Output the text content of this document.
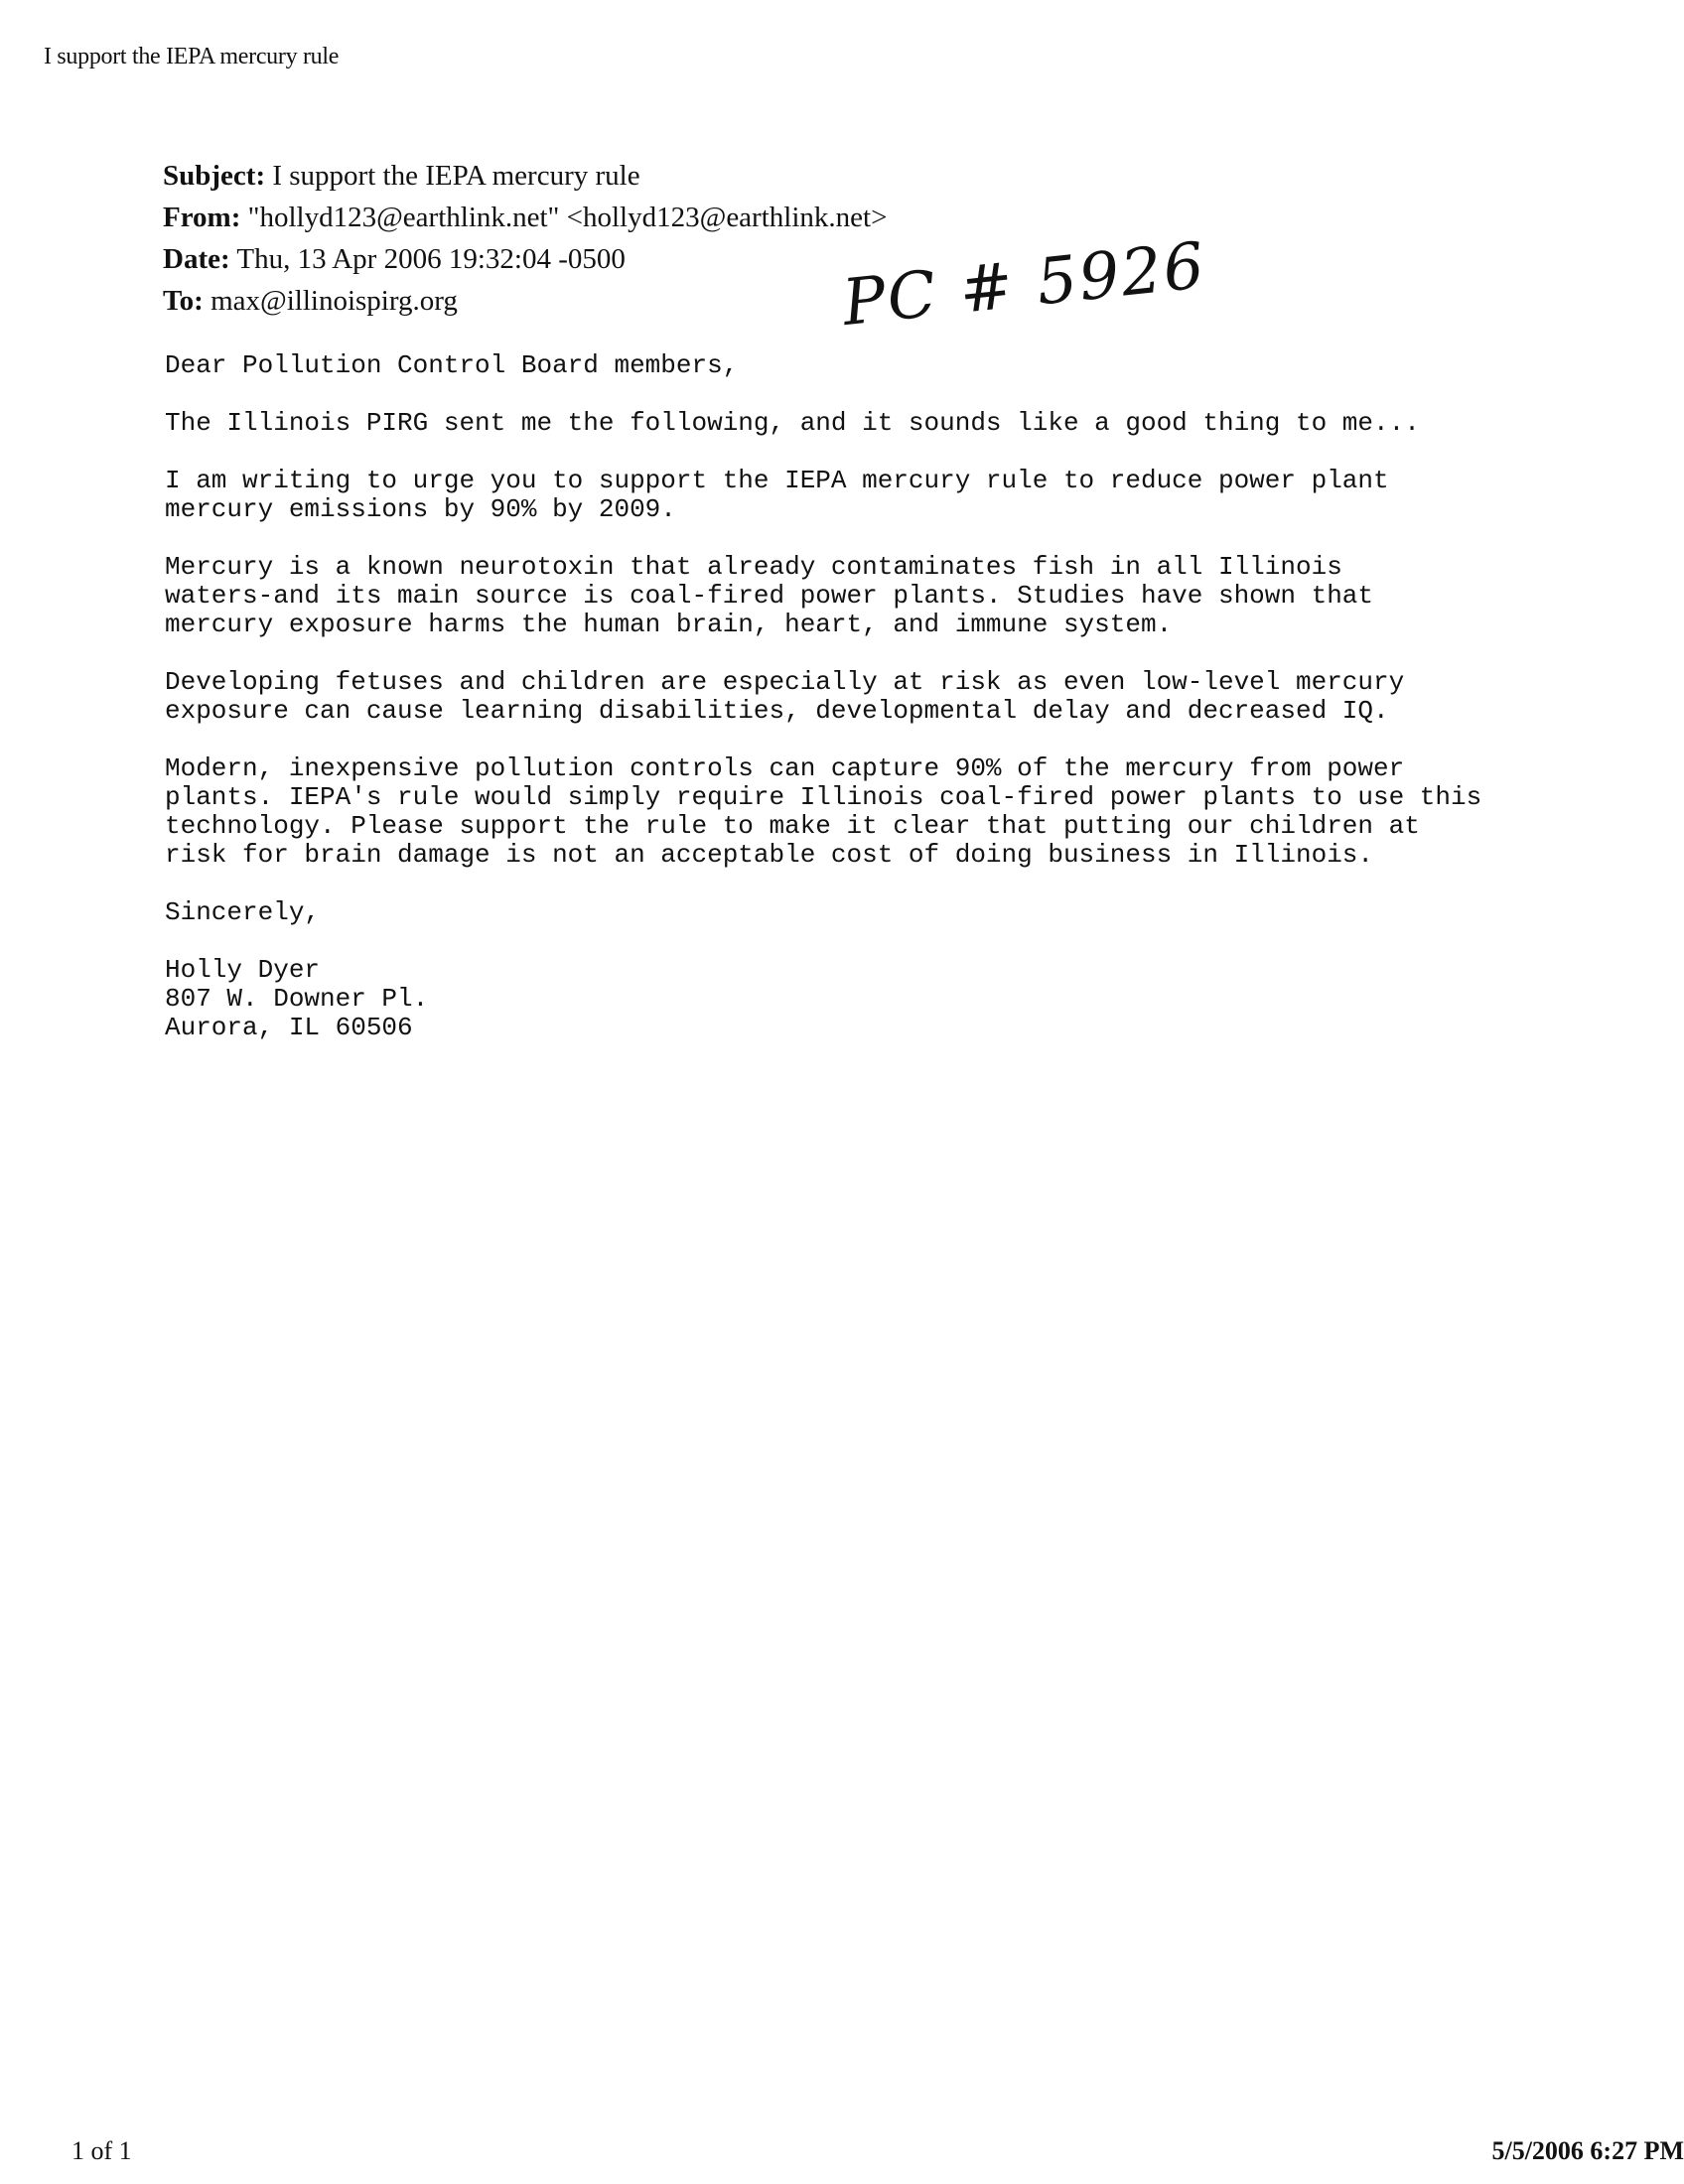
I support the IEPA mercury rule
Subject: I support the IEPA mercury rule
From: "hollyd123@earthlink.net" <hollyd123@earthlink.net>
Date: Thu, 13 Apr 2006 19:32:04 -0500
To: max@illinoispirg.org	PC # 5926

Dear Pollution Control Board members,

The Illinois PIRG sent me the following, and it sounds like a good thing to me...

I am writing to urge you to support the IEPA mercury rule to reduce power plant
mercury emissions by 90% by 2009.

Mercury is a known neurotoxin that already contaminates fish in all Illinois
waters-and its main source is coal-fired power plants. Studies have shown that
mercury exposure harms the human brain, heart, and immune system.

Developing fetuses and children are especially at risk as even low-level mercury
exposure can cause learning disabilities, developmental delay and decreased IQ.

Modern, inexpensive pollution controls can capture 90% of the mercury from power
plants. IEPA's rule would simply require Illinois coal-fired power plants to use this
technology. Please support the rule to make it clear that putting our children at
risk for brain damage is not an acceptable cost of doing business in Illinois.

Sincerely,

Holly Dyer
807 W. Downer Pl.
Aurora, IL 60506

1 of 1	5/5/2006 6:27 PM
